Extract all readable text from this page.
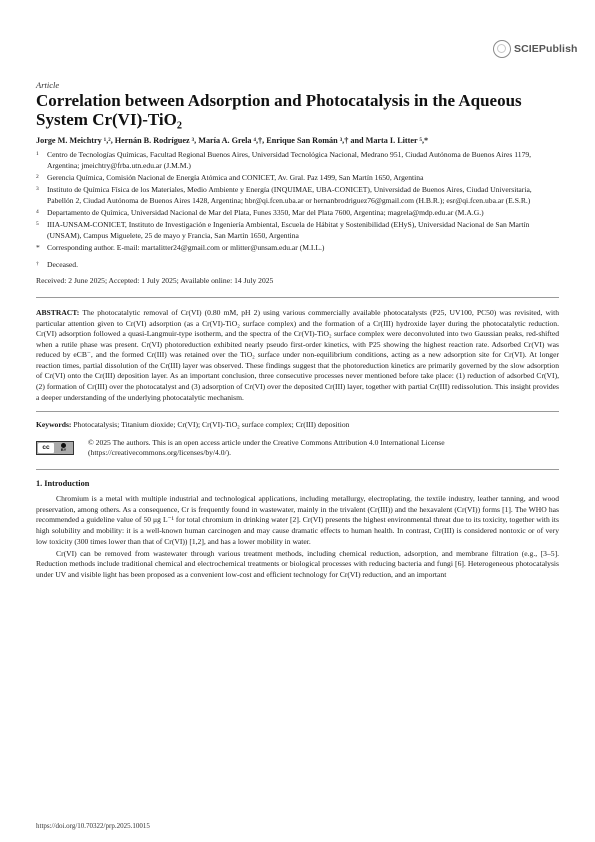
SCIEPublish
Article
Correlation between Adsorption and Photocatalysis in the Aqueous System Cr(VI)-TiO₂
Jorge M. Meichtry ¹,², Hernán B. Rodríguez ³, María A. Grela ⁴,†, Enrique San Román ³,† and Marta I. Litter ⁵,*
1	Centro de Tecnologías Químicas, Facultad Regional Buenos Aires, Universidad Tecnológica Nacional, Medrano 951, Ciudad Autónoma de Buenos Aires 1179, Argentina; jmeichtry@frba.utn.edu.ar (J.M.M.)
2	Gerencia Química, Comisión Nacional de Energía Atómica and CONICET, Av. Gral. Paz 1499, San Martín 1650, Argentina
3	Instituto de Química Física de los Materiales, Medio Ambiente y Energía (INQUIMAE, UBA-CONICET), Universidad de Buenos Aires, Ciudad Universitaria, Pabellón 2, Ciudad Autónoma de Buenos Aires 1428, Argentina; hbr@qi.fcen.uba.ar or hernanbrodriguez76@gmail.com (H.B.R.); esr@qi.fcen.uba.ar (E.S.R.)
4	Departamento de Química, Universidad Nacional de Mar del Plata, Funes 3350, Mar del Plata 7600, Argentina; magrela@mdp.edu.ar (M.A.G.)
5	IIIA-UNSAM-CONICET, Instituto de Investigación e Ingeniería Ambiental, Escuela de Hábitat y Sostenibilidad (EHyS), Universidad Nacional de San Martín (UNSAM), Campus Miguelete, 25 de mayo y Francia, San Martín 1650, Argentina
* Corresponding author. E-mail: martalitter24@gmail.com or mlitter@unsam.edu.ar (M.I.L.)
†	Deceased.
Received: 2 June 2025; Accepted: 1 July 2025; Available online: 14 July 2025
ABSTRACT: The photocatalytic removal of Cr(VI) (0.80 mM, pH 2) using various commercially available photocatalysts (P25, UV100, PC50) was revisited, with particular attention given to Cr(VI) adsorption (as a Cr(VI)-TiO₂ surface complex) and the formation of a Cr(III) hydroxide layer during the photocatalytic reduction. Cr(VI) adsorption followed a quasi-Langmuir-type isotherm, and the spectra of the Cr(VI)-TiO₂ surface complex were deconvoluted into two Gaussian peaks, red-shifted when a rutile phase was present. Cr(VI) photoreduction exhibited nearly pseudo first-order kinetics, with P25 showing the highest reaction rate. Adsorbed Cr(VI) was reduced by eCB⁻, and the formed Cr(III) was retained over the TiO₂ surface under non-equilibrium conditions, acting as a new adsorption site for Cr(VI). At longer reaction times, partial dissolution of the Cr(III) layer was observed. These findings suggest that the photoreduction kinetics are primarily governed by the slow adsorption of Cr(VI) onto the Cr(III) deposition layer. As an important conclusion, three consecutive processes never mentioned before take place: (1) reduction of adsorbed Cr(VI), (2) formation of Cr(III) over the photocatalyst and (3) adsorption of Cr(VI) over the deposited Cr(III) layer, together with partial Cr(III) redissolution. This insight provides a deeper understanding of the underlying photocatalytic mechanism.
Keywords: Photocatalysis; Titanium dioxide; Cr(VI); Cr(VI)-TiO₂ surface complex; Cr(III) deposition
cc	BY
© 2025 The authors. This is an open access article under the Creative Commons Attribution 4.0 International License (https://creativecommons.org/licenses/by/4.0/).
1. Introduction

Chromium is a metal with multiple industrial and technological applications, including metallurgy, electroplating, the textile industry, leather tanning, and wood preservation, among others. As a consequence, Cr is frequently found in wastewater, mainly in the trivalent (Cr(III)) and the hexavalent (Cr(VI)) forms [1]. The WHO has recommended a guideline value of 50 μg L⁻¹ for total chromium in drinking water [2]. Cr(VI) presents the highest environmental threat due to its toxicity, together with its high solubility and mobility: it is a well-known human carcinogen and may cause dramatic effects to human health. In contrast, Cr(III) is considered nontoxic or of very low toxicity (300 times lower than that of Cr(VI)) [1,2], and has a lower mobility in water.

Cr(VI) can be removed from wastewater through various treatment methods, including chemical reduction, adsorption, and membrane filtration (e.g., [3–5]. Reduction methods include traditional chemical and electrochemical treatments or biological processes with reducing bacteria and fungi [6]. Heterogeneous photocatalysis under UV and visible light has been proposed as a convenient low-cost and efficient technology for Cr(VI) reduction, and an important

https://doi.org/10.70322/prp.2025.10015
